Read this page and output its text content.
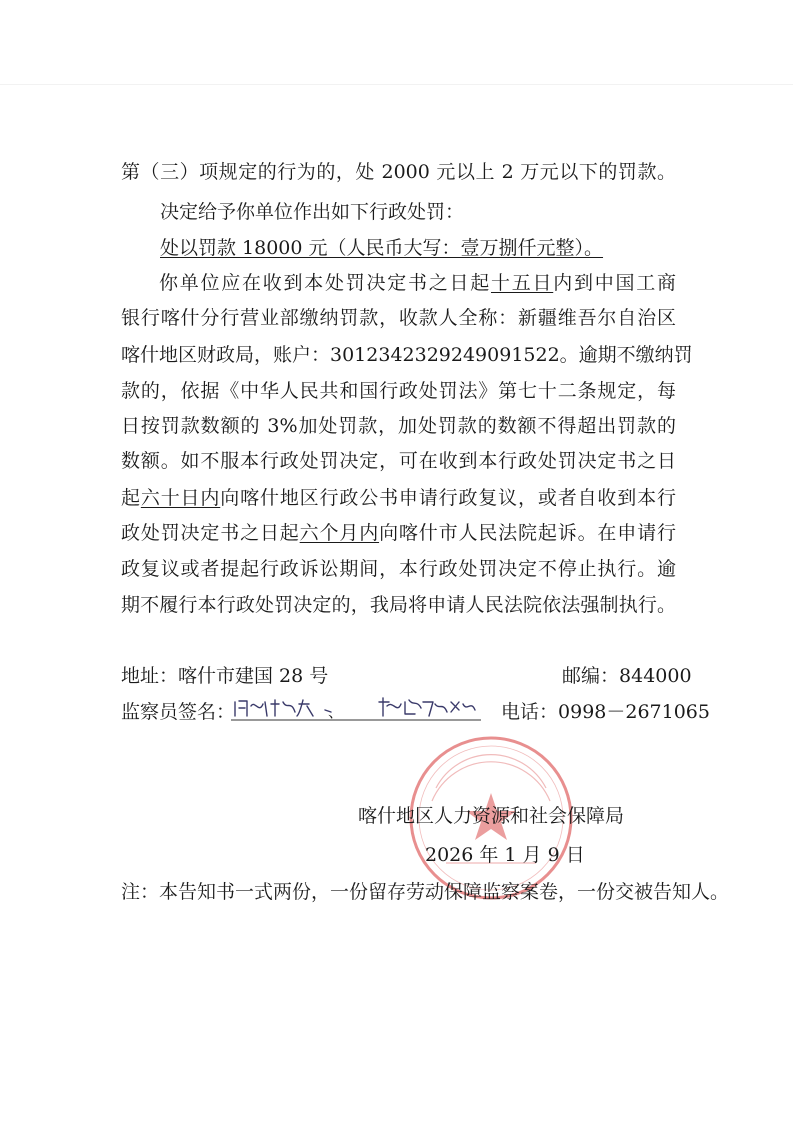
第（三）项规定的行为的，处 2000 元以上 2 万元以下的罚款。

决定给予你单位作出如下行政处罚：

处以罚款 18000 元（人民币大写：壹万捌仟元整）。

你单位应在收到本处罚决定书之日起十五日内到中国工商

银行喀什分行营业部缴纳罚款，收款人全称：新疆维吾尔自治区

喀什地区财政局，账户：3012342329249091522。逾期不缴纳罚

款的，依据《中华人民共和国行政处罚法》第七十二条规定，每

日按罚款数额的 3%加处罚款，加处罚款的数额不得超出罚款的

数额。如不服本行政处罚决定，可在收到本行政处罚决定书之日

起六十日内向喀什地区行政公书申请行政复议，或者自收到本行

政处罚决定书之日起六个月内向喀什市人民法院起诉。在申请行

政复议或者提起行政诉讼期间，本行政处罚决定不停止执行。逾

期不履行本行政处罚决定的，我局将申请人民法院依法强制执行。

地址：喀什市建国 28 号	邮编：844000

监察员签名：	、	电话：0998－2671065

喀什地区人力资源和社会保障局

2026 年 1 月 9 日

注：本告知书一式两份，一份留存劳动保障监察案卷，一份交被告知人。
